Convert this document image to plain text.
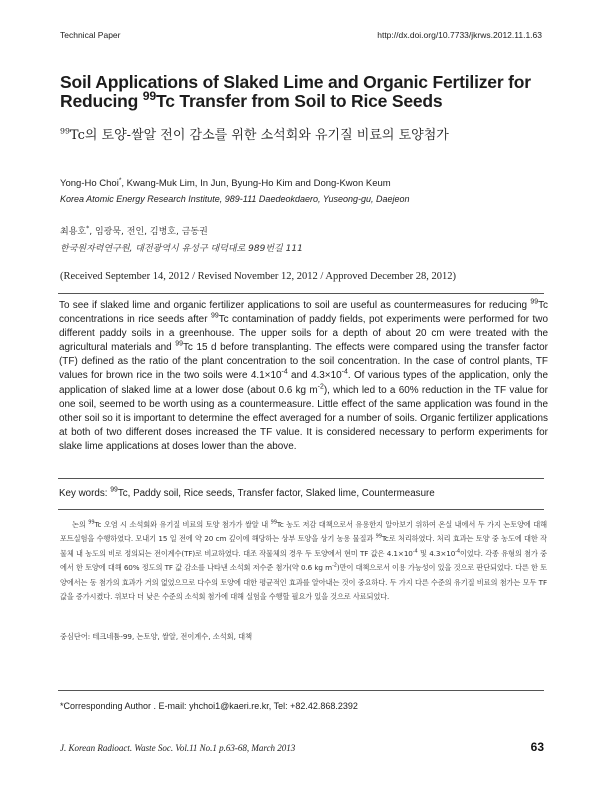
Technical Paper	http://dx.doi.org/10.7733/jkrws.2012.11.1.63
Soil Applications of Slaked Lime and Organic Fertilizer for
Reducing $^{99}$Tc Transfer from Soil to Rice Seeds
$^{99}$Tc의 토양-쌀알 전이 감소를 위한 소석회와 유기질 비료의 토양첨가
Yong-Ho Choi*, Kwang-Muk Lim, In Jun, Byung-Ho Kim and Dong-Kwon Keum
Korea Atomic Energy Research Institute, 989-111 Daedeokdaero, Yuseong-gu, Daejeon
최용호*, 임광묵, 전인, 김병호, 금동권
한국원자력연구원, 대전광역시 유성구 대덕대로 989번길 111
(Received September 14, 2012 / Revised November 12, 2012 / Approved December 28, 2012)
To see if slaked lime and organic fertilizer applications to soil are useful as countermeasures for reducing $^{99}$Tc concentrations in rice seeds after $^{99}$Tc contamination of paddy fields, pot experiments were performed for two different paddy soils in a greenhouse. The upper soils for a depth of about 20 cm were treated with the agricultural materials and $^{99}$Tc 15 d before transplanting. The effects were compared using the transfer factor (TF) defined as the ratio of the plant concentration to the soil concentration. In the case of control plants, TF values for brown rice in the two soils were $4.1\times 10^{-4}$ and $4.3\times 10^{-4}$. Of various types of the application, only the application of slaked lime at a lower dose (about 0.6 kg $m^{-2}$), which led to a 60% reduction in the TF value for one soil, seemed to be worth using as a countermeasure. Little effect of the same application was found in the other soil so it is important to determine the effect averaged for a number of soils. Organic fertilizer applications at both of two different doses increased the TF value. It is considered necessary to perform experiments for slake lime applications at doses lower than the above.
Key words: $^{99}$Tc, Paddy soil, Rice seeds, Transfer factor, Slaked lime, Countermeasure
논의 $^{99}$Tc 오염 시 소석회와 유기질 비료의 토양 첨가가 쌀알 내 $^{99}$Tc 농도 저감 대책으로서 유용한지 알아보기 위하여 온실 내에서 두 가지 논토양에 대해 포트실험을 수행하였다. 모내기 15 일 전에 약 20 cm 깊이에 해당하는 상부 토양을 상기 농용 물질과 $^{99}$Tc로 처리하였다. 처리 효과는 토양 중 농도에 대한 작물체 내 농도의 비로 정의되는 전이계수(TF)로 비교하였다. 대조 작물체의 경우 두 토양에서 현미 TF 값은 $4.1\times 10^{-4}$ 및 $4.3\times 10^{-4}$이었다. 각종 유형의 첨가 중에서 한 토양에 대해 60% 정도의 TF 값 감소를 나타낸 소석회 저수준 첨가(약 0.6 kg $m^{-2}$)만이 대책으로서 이용 가능성이 있을 것으로 판단되었다. 다른 한 토양에서는 동 첨가의 효과가 거의 없었으므로 다수의 토양에 대한 평균적인 효과를 알아내는 것이 중요하다. 두 가지 다른 수준의 유기질 비료의 첨가는 모두 TF 값을 증가시켰다. 위보다 더 낮은 수준의 소석회 첨가에 대해 실험을 수행할 필요가 있을 것으로 사료되었다.
중심단어: 테크네튬-99, 논토양, 쌀알, 전이계수, 소석회, 대책
*Corresponding Author . E-mail: yhchoi1@kaeri.re.kr, Tel: +82.42.868.2392
J. Korean Radioact. Waste Soc. Vol.11 No.1 p.63-68, March 2013	63
